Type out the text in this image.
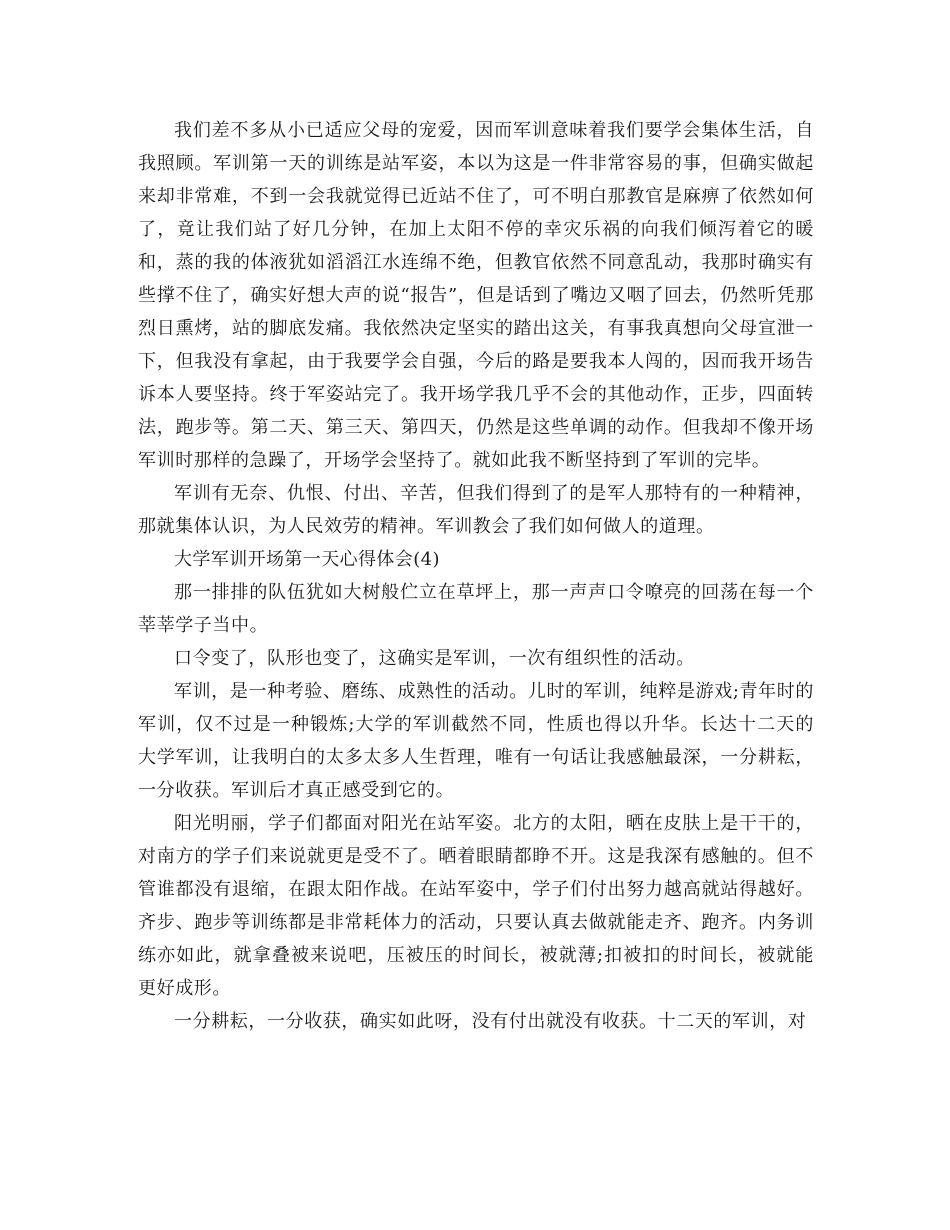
我们差不多从小已适应父母的宠爱，因而军训意味着我们要学会集体生活，自我照顾。军训第一天的训练是站军姿，本以为这是一件非常容易的事，但确实做起来却非常难，不到一会我就觉得已近站不住了，可不明白那教官是麻痹了依然如何了，竟让我们站了好几分钟，在加上太阳不停的幸灾乐祸的向我们倾泻着它的暖和，蒸的我的体液犹如滔滔江水连绵不绝，但教官依然不同意乱动，我那时确实有些撑不住了，确实好想大声的说“报告”，但是话到了嘴边又咽了回去，仍然听凭那烈日熏烤，站的脚底发痛。我依然决定坚实的踏出这关，有事我真想向父母宣泄一下，但我没有拿起，由于我要学会自强，今后的路是要我本人闯的，因而我开场告诉本人要坚持。终于军姿站完了。我开场学我几乎不会的其他动作，正步，四面转法，跑步等。第二天、第三天、第四天，仍然是这些单调的动作。但我却不像开场军训时那样的急躁了，开场学会坚持了。就如此我不断坚持到了军训的完毕。

军训有无奈、仇恨、付出、辛苦，但我们得到了的是军人那特有的一种精神，那就集体认识，为人民效劳的精神。军训教会了我们如何做人的道理。

大学军训开场第一天心得体会(4)

那一排排的队伍犹如大树般伫立在草坪上，那一声声口令嘹亮的回荡在每一个莘莘学子当中。

口令变了，队形也变了，这确实是军训，一次有组织性的活动。

军训，是一种考验、磨练、成熟性的活动。儿时的军训，纯粹是游戏;青年时的军训，仅不过是一种锻炼;大学的军训截然不同，性质也得以升华。长达十二天的大学军训，让我明白的太多太多人生哲理，唯有一句话让我感触最深，一分耕耘，一分收获。军训后才真正感受到它的。

阳光明丽，学子们都面对阳光在站军姿。北方的太阳，晒在皮肤上是干干的，对南方的学子们来说就更是受不了。晒着眼睛都睁不开。这是我深有感触的。但不管谁都没有退缩，在跟太阳作战。在站军姿中，学子们付出努力越高就站得越好。齐步、跑步等训练都是非常耗体力的活动，只要认真去做就能走齐、跑齐。内务训练亦如此，就拿叠被来说吧，压被压的时间长，被就薄;扣被扣的时间长，被就能更好成形。

一分耕耘，一分收获，确实如此呀，没有付出就没有收获。十二天的军训，对
